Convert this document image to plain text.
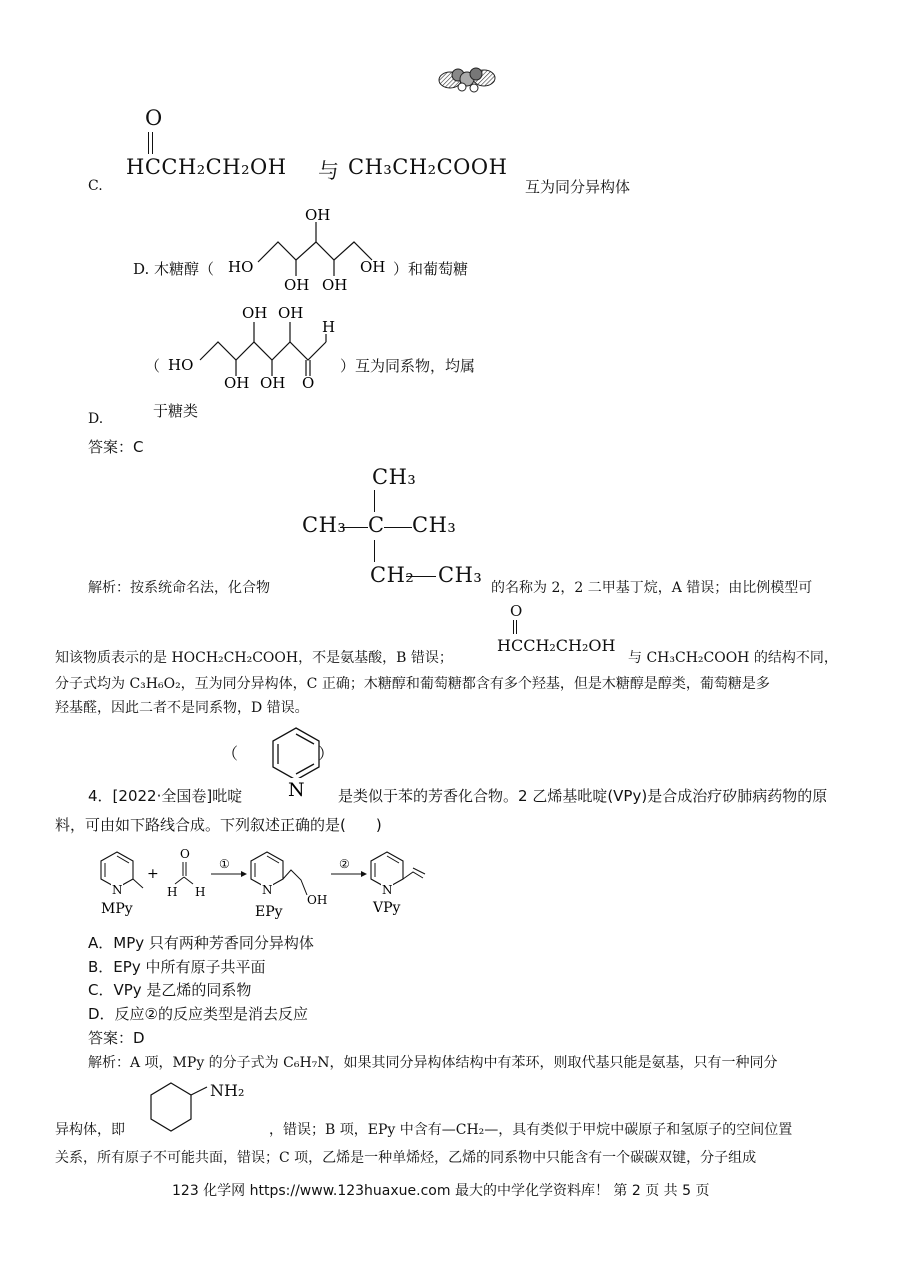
O
C.
HCCH₂CH₂OH 与 CH₃CH₂COOH
互为同分异构体
D. 木糖醇（
OH
HO
OH OH
OH ）和葡萄糖
（
OH OH
H
HO
OH OH O
）互为同系物，均属
于糖类
D.
答案：C
CH₃
CH₃ C CH₃
CH₂ CH₃
解析：按系统命名法，化合物	的名称为 2，2 二甲基丁烷，A 错误；由比例模型可
O
HCCH₂CH₂OH
知该物质表示的是 HOCH₂CH₂COOH，不是氨基酸，B 错误；	与 CH₃CH₂COOH 的结构不同，
分子式均为 C₃H₆O₂，互为同分异构体，C 正确；木糖醇和葡萄糖都含有多个羟基，但是木糖醇是醇类，葡萄糖是多
羟基醛，因此二者不是同系物，D 错误。
（
N
）
4．[2022·全国卷]吡啶	是类似于苯的芳香化合物。2 乙烯基吡啶(VPy)是合成治疗矽肺病药物的原
料，可由如下路线合成。下列叙述正确的是(　　)
N
MPy
+
O
H H
①
N
OH
EPy
②
N
VPy
A．MPy 只有两种芳香同分异构体
B．EPy 中所有原子共平面
C．VPy 是乙烯的同系物
D．反应②的反应类型是消去反应
答案：D
解析：A 项，MPy 的分子式为 C₆H₇N，如果其同分异构体结构中有苯环，则取代基只能是氨基，只有一种同分
NH₂
异构体，即	，错误；B 项，EPy 中含有—CH₂—，具有类似于甲烷中碳原子和氢原子的空间位置
关系，所有原子不可能共面，错误；C 项，乙烯是一种单烯烃，乙烯的同系物中只能含有一个碳碳双键，分子组成
123 化学网 https://www.123huaxue.com 最大的中学化学资料库！ 第 2 页 共 5 页
